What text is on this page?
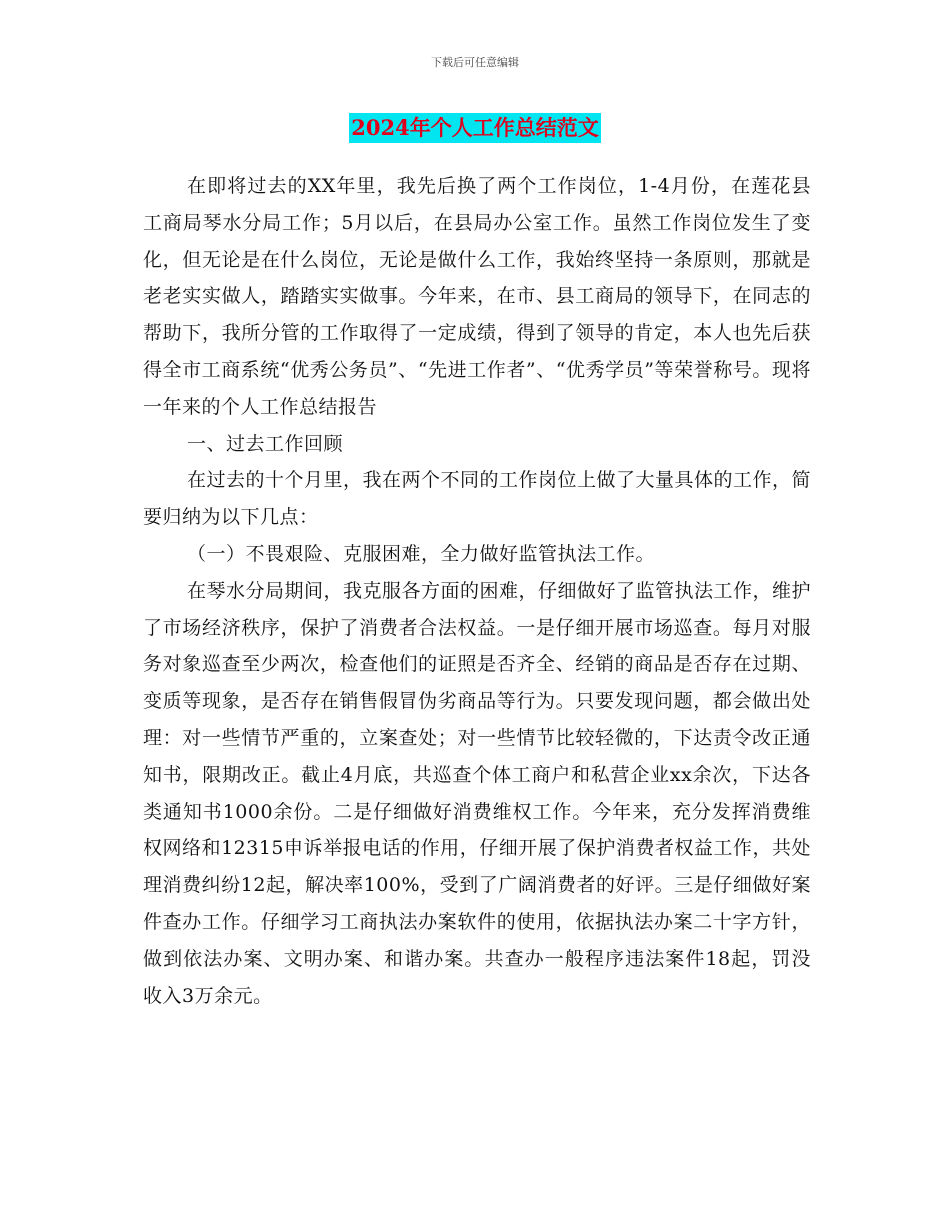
下载后可任意编辑
2024年个人工作总结范文

在即将过去的XX年里，我先后换了两个工作岗位，1-4月份，在莲花县工商局琴水分局工作；5月以后，在县局办公室工作。虽然工作岗位发生了变化，但无论是在什么岗位，无论是做什么工作，我始终坚持一条原则，那就是老老实实做人，踏踏实实做事。今年来，在市、县工商局的领导下，在同志的帮助下，我所分管的工作取得了一定成绩，得到了领导的肯定，本人也先后获得全市工商系统“优秀公务员”、“先进工作者”、“优秀学员”等荣誉称号。现将一年来的个人工作总结报告

一、过去工作回顾

在过去的十个月里，我在两个不同的工作岗位上做了大量具体的工作，简要归纳为以下几点：

（一）不畏艰险、克服困难，全力做好监管执法工作。

在琴水分局期间，我克服各方面的困难，仔细做好了监管执法工作，维护了市场经济秩序，保护了消费者合法权益。一是仔细开展市场巡查。每月对服务对象巡查至少两次，检查他们的证照是否齐全、经销的商品是否存在过期、变质等现象，是否存在销售假冒伪劣商品等行为。只要发现问题，都会做出处理：对一些情节严重的，立案查处；对一些情节比较轻微的，下达责令改正通知书，限期改正。截止4月底，共巡查个体工商户和私营企业xx余次，下达各类通知书1000余份。二是仔细做好消费维权工作。今年来，充分发挥消费维权网络和12315申诉举报电话的作用，仔细开展了保护消费者权益工作，共处理消费纠纷12起，解决率100%，受到了广阔消费者的好评。三是仔细做好案件查办工作。仔细学习工商执法办案软件的使用，依据执法办案二十字方针，做到依法办案、文明办案、和谐办案。共查办一般程序违法案件18起，罚没收入3万余元。
